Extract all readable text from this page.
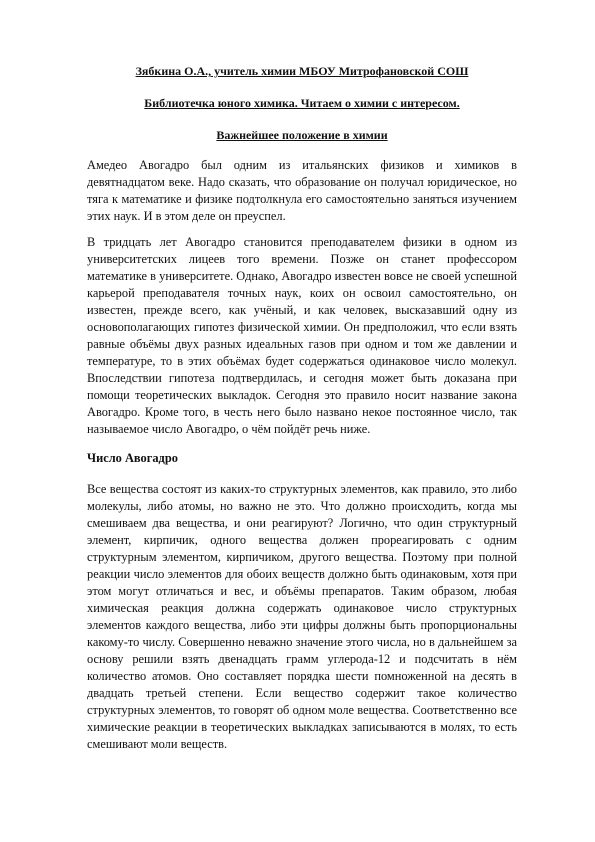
Зябкина О.А., учитель химии МБОУ Митрофановской СОШ
Библиотечка юного химика. Читаем о химии с интересом.
Важнейшее положение в химии

Амедео Авогадро был одним из итальянских физиков и химиков в девятнадцатом веке. Надо сказать, что образование он получал юридическое, но тяга к математике и физике подтолкнула его самостоятельно заняться изучением этих наук. И в этом деле он преуспел.

В тридцать лет Авогадро становится преподавателем физики в одном из университетских лицеев того времени. Позже он станет профессором математике в университете. Однако, Авогадро известен вовсе не своей успешной карьерой преподавателя точных наук, коих он освоил самостоятельно, он известен, прежде всего, как учёный, и как человек, высказавший одну из основополагающих гипотез физической химии. Он предположил, что если взять равные объёмы двух разных идеальных газов при одном и том же давлении и температуре, то в этих объёмах будет содержаться одинаковое число молекул. Впоследствии гипотеза подтвердилась, и сегодня может быть доказана при помощи теоретических выкладок. Сегодня это правило носит название закона Авогадро. Кроме того, в честь него было названо некое постоянное число, так называемое число Авогадро, о чём пойдёт речь ниже.

Число Авогадро

Все вещества состоят из каких-то структурных элементов, как правило, это либо молекулы, либо атомы, но важно не это. Что должно происходить, когда мы смешиваем два вещества, и они реагируют? Логично, что один структурный элемент, кирпичик, одного вещества должен прореагировать с одним структурным элементом, кирпичиком, другого вещества. Поэтому при полной реакции число элементов для обоих веществ должно быть одинаковым, хотя при этом могут отличаться и вес, и объёмы препаратов. Таким образом, любая химическая реакция должна содержать одинаковое число структурных элементов каждого вещества, либо эти цифры должны быть пропорциональны какому-то числу. Совершенно неважно значение этого числа, но в дальнейшем за основу решили взять двенадцать грамм углерода-12 и подсчитать в нём количество атомов. Оно составляет порядка шести помноженной на десять в двадцать третьей степени. Если вещество содержит такое количество структурных элементов, то говорят об одном моле вещества. Соответственно все химические реакции в теоретических выкладках записываются в молях, то есть смешивают моли веществ.
